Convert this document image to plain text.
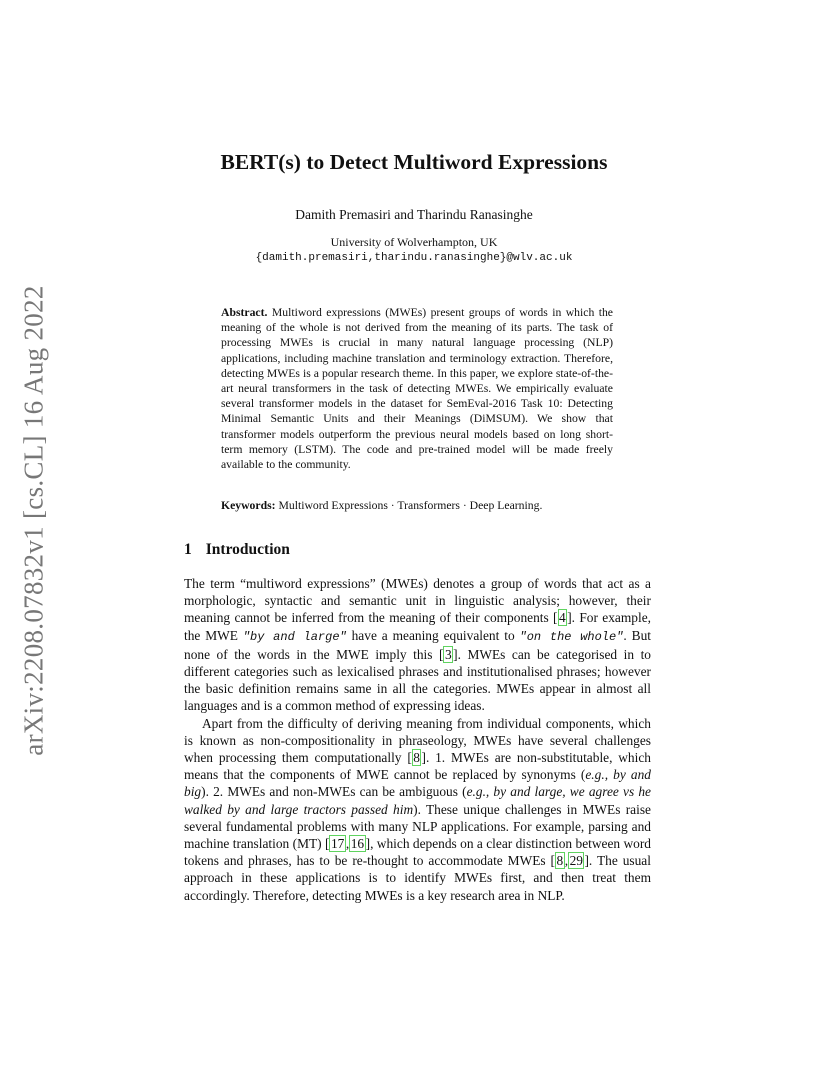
arXiv:2208.07832v1 [cs.CL] 16 Aug 2022
BERT(s) to Detect Multiword Expressions
Damith Premasiri and Tharindu Ranasinghe
University of Wolverhampton, UK
{damith.premasiri,tharindu.ranasinghe}@wlv.ac.uk

Abstract. Multiword expressions (MWEs) present groups of words in which the meaning of the whole is not derived from the meaning of its parts. The task of processing MWEs is crucial in many natural language processing (NLP) applications, including machine translation and terminology extraction. Therefore, detecting MWEs is a popular research theme. In this paper, we explore state-of-the-art neural transformers in the task of detecting MWEs. We empirically evaluate several transformer models in the dataset for SemEval-2016 Task 10: Detecting Minimal Semantic Units and their Meanings (DiMSUM). We show that transformer models outperform the previous neural models based on long short-term memory (LSTM). The code and pre-trained model will be made freely available to the community.

Keywords: Multiword Expressions · Transformers · Deep Learning.

1 Introduction

The term “multiword expressions” (MWEs) denotes a group of words that act as a morphologic, syntactic and semantic unit in linguistic analysis; however, their meaning cannot be inferred from the meaning of their components [ 4 ]. For example, the MWE "by and large" have a meaning equivalent to "on the whole". But none of the words in the MWE imply this [ 3 ]. MWEs can be categorised in to different categories such as lexicalised phrases and institutionalised phrases; however the basic definition remains same in all the categories. MWEs appear in almost all languages and is a common method of expressing ideas.

Apart from the difficulty of deriving meaning from individual components, which is known as non-compositionality in phraseology, MWEs have several challenges when processing them computationally [ 8 ]. 1. MWEs are non-substitutable, which means that the components of MWE cannot be replaced by synonyms (e.g., by and big). 2. MWEs and non-MWEs can be ambiguous (e.g., by and large, we agree vs he walked by and large tractors passed him). These unique challenges in MWEs raise several fundamental problems with many NLP applications. For example, parsing and machine translation (MT) [ 17 , 16 ], which depends on a clear distinction between word tokens and phrases, has to be re-thought to accommodate MWEs [ 8 , 29 ]. The usual approach in these applications is to identify MWEs first, and then treat them accordingly. Therefore, detecting MWEs is a key research area in NLP.
